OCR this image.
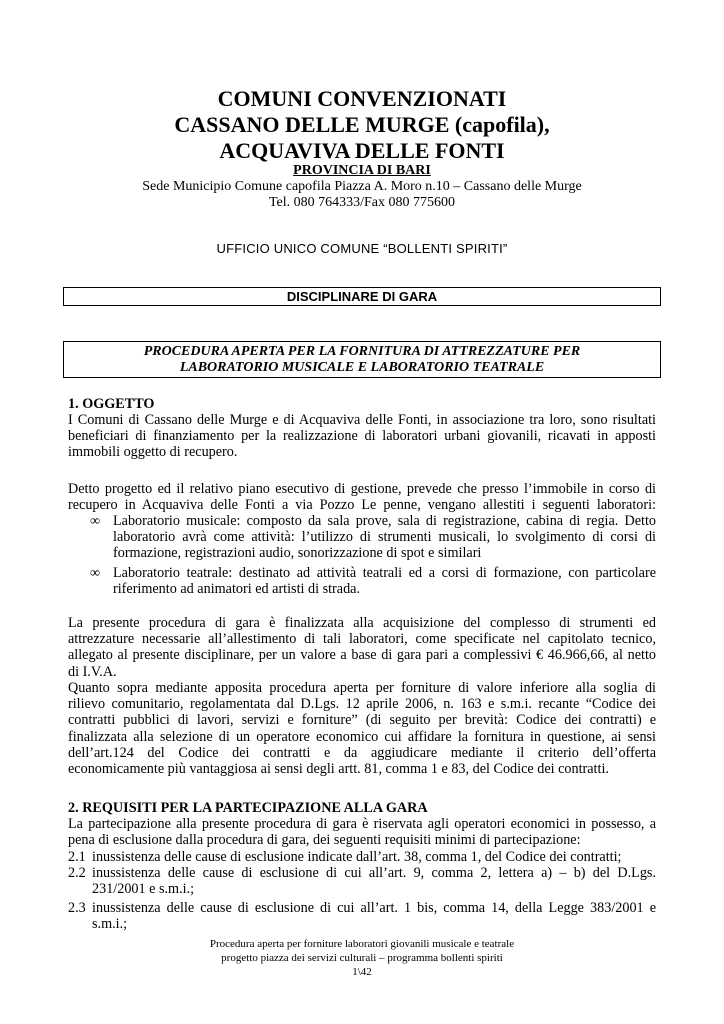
COMUNI CONVENZIONATI
CASSANO DELLE MURGE (capofila),
ACQUAVIVA DELLE FONTI
PROVINCIA DI BARI
Sede Municipio Comune capofila Piazza A. Moro n.10 – Cassano delle Murge
Tel. 080 764333/Fax 080 775600
UFFICIO UNICO COMUNE “BOLLENTI SPIRITI”
DISCIPLINARE DI GARA
PROCEDURA APERTA PER LA FORNITURA DI ATTREZZATURE PER
LABORATORIO MUSICALE E LABORATORIO TEATRALE
1. OGGETTO
I Comuni di Cassano delle Murge e di Acquaviva delle Fonti, in associazione tra loro, sono risultati
beneficiari di finanziamento per la realizzazione di laboratori urbani giovanili, ricavati in apposti
immobili oggetto di recupero.
Detto progetto ed il relativo piano esecutivo di gestione, prevede che presso l’immobile in corso di
recupero in Acquaviva delle Fonti a via Pozzo Le penne, vengano allestiti i seguenti laboratori:
∞ Laboratorio musicale: composto da sala prove, sala di registrazione, cabina di regia. Detto
laboratorio avrà come attività: l’utilizzo di strumenti musicali, lo svolgimento di corsi di
formazione, registrazioni audio, sonorizzazione di spot e similari
∞ Laboratorio teatrale: destinato ad attività teatrali ed a corsi di formazione, con particolare
riferimento ad animatori ed artisti di strada.
La presente procedura di gara è finalizzata alla acquisizione del complesso di strumenti ed
attrezzature necessarie all’allestimento di tali laboratori, come specificate nel capitolato tecnico,
allegato al presente disciplinare, per un valore a base di gara pari a complessivi € 46.966,66, al netto
di I.V.A.
Quanto sopra mediante apposita procedura aperta per forniture di valore inferiore alla soglia di
rilievo comunitario, regolamentata dal D.Lgs. 12 aprile 2006, n. 163 e s.m.i. recante “Codice dei
contratti pubblici di lavori, servizi e forniture” (di seguito per brevità: Codice dei contratti) e
finalizzata alla selezione di un operatore economico cui affidare la fornitura in questione, ai sensi
dell’art.124 del Codice dei contratti e da aggiudicare mediante il criterio dell’offerta
economicamente più vantaggiosa ai sensi degli artt. 81, comma 1 e 83, del Codice dei contratti.
2. REQUISITI PER LA PARTECIPAZIONE ALLA GARA
La partecipazione alla presente procedura di gara è riservata agli operatori economici in possesso, a
pena di esclusione dalla procedura di gara, dei seguenti requisiti minimi di partecipazione:
2.1 inussistenza delle cause di esclusione indicate dall’art. 38, comma 1, del Codice dei contratti;
2.2 inussistenza delle cause di esclusione di cui all’art. 9, comma 2, lettera a) – b) del D.Lgs.
231/2001 e s.m.i.;
2.3 inussistenza delle cause di esclusione di cui all’art. 1 bis, comma 14, della Legge 383/2001 e
s.m.i.;
Procedura aperta per forniture laboratori giovanili musicale e teatrale
progetto piazza dei servizi culturali – programma bollenti spiriti
1\42
